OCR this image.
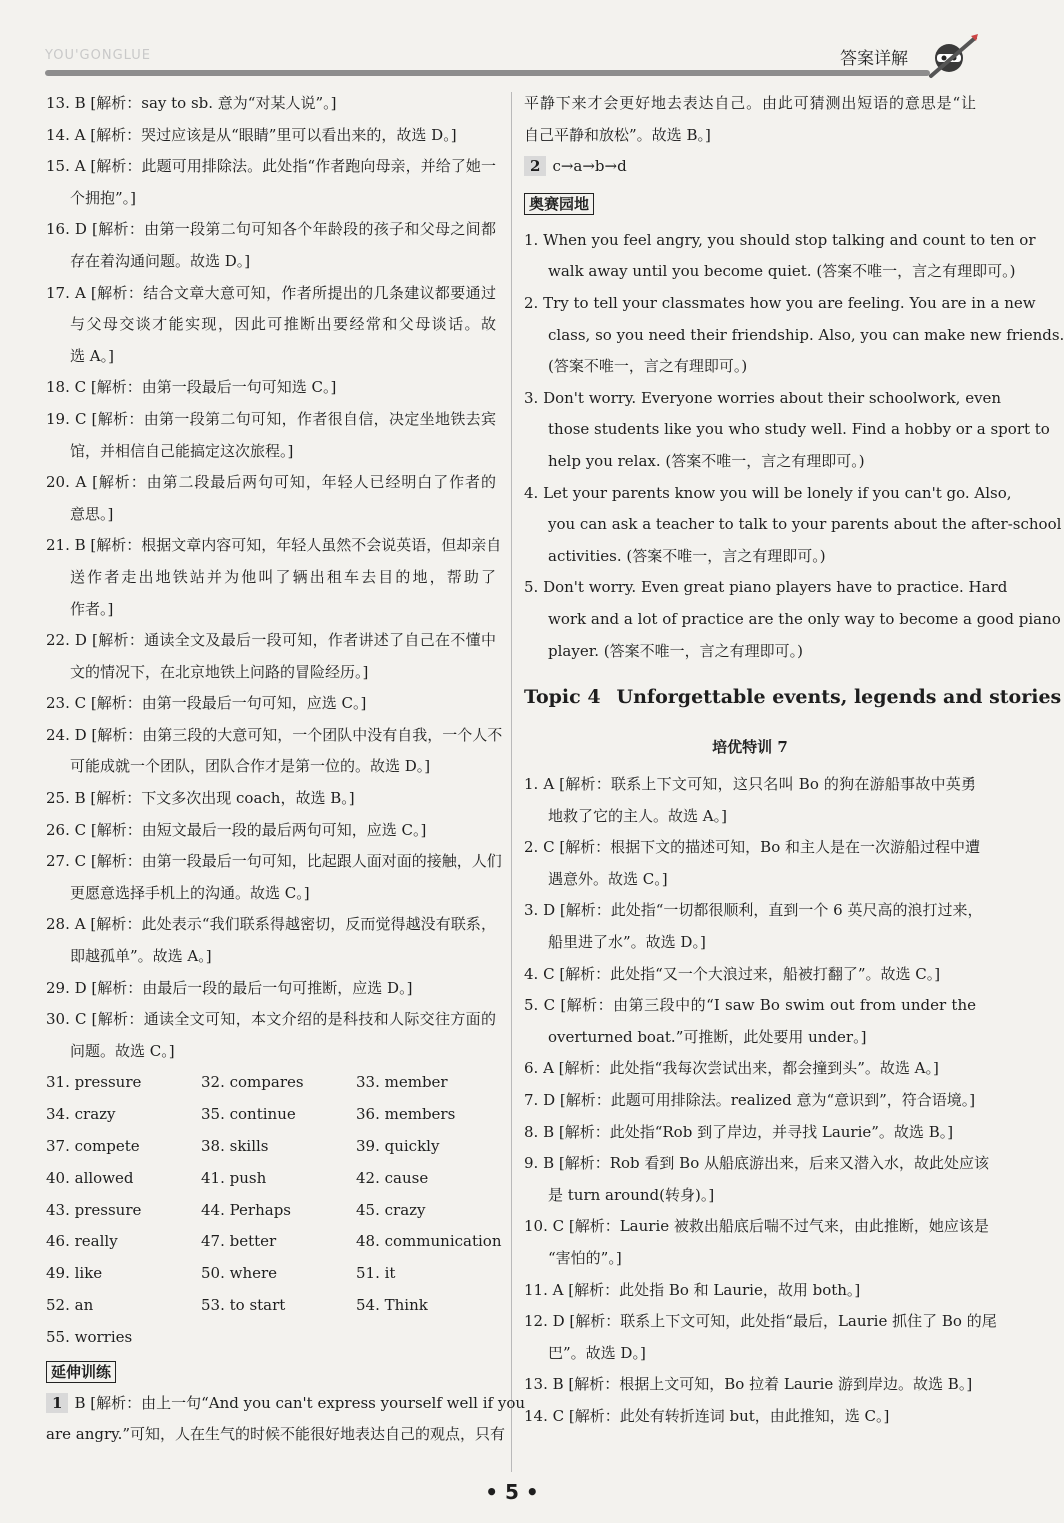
YOU'GONGLUE	答案详解
13. B [解析：say to sb. 意为“对某人说”。]
14. A [解析：哭过应该是从“眼睛”里可以看出来的，故选 D。]
15. A [解析：此题可用排除法。此处指“作者跑向母亲，并给了她一
个拥抱”。]
16. D [解析：由第一段第二句可知各个年龄段的孩子和父母之间都
存在着沟通问题。故选 D。]
17. A [解析：结合文章大意可知，作者所提出的几条建议都要通过
与父母交谈才能实现，因此可推断出要经常和父母谈话。故
选 A。]
18. C [解析：由第一段最后一句可知选 C。]
19. C [解析：由第一段第二句可知，作者很自信，决定坐地铁去宾
馆，并相信自己能搞定这次旅程。]
20. A [解析：由第二段最后两句可知，年轻人已经明白了作者的
意思。]
21. B [解析：根据文章内容可知，年轻人虽然不会说英语，但却亲自
送作者走出地铁站并为他叫了辆出租车去目的地，帮助了
作者。]
22. D [解析：通读全文及最后一段可知，作者讲述了自己在不懂中
文的情况下，在北京地铁上问路的冒险经历。]
23. C [解析：由第一段最后一句可知，应选 C。]
24. D [解析：由第三段的大意可知，一个团队中没有自我，一个人不
可能成就一个团队，团队合作才是第一位的。故选 D。]
25. B [解析：下文多次出现 coach，故选 B。]
26. C [解析：由短文最后一段的最后两句可知，应选 C。]
27. C [解析：由第一段最后一句可知，比起跟人面对面的接触，人们
更愿意选择手机上的沟通。故选 C。]
28. A [解析：此处表示“我们联系得越密切，反而觉得越没有联系，
即越孤单”。故选 A。]
29. D [解析：由最后一段的最后一句可推断，应选 D。]
30. C [解析：通读全文可知，本文介绍的是科技和人际交往方面的
问题。故选 C。]
31. pressure	32. compares	33. member
34. crazy	35. continue	36. members
37. compete	38. skills	39. quickly
40. allowed	41. push	42. cause
43. pressure	44. Perhaps	45. crazy
46. really	47. better	48. communication
49. like	50. where	51. it
52. an	53. to start	54. Think
55. worries
延伸训练
1 B [解析：由上一句“And you can't express yourself well if you
are angry.”可知，人在生气的时候不能很好地表达自己的观点，只有
平静下来才会更好地去表达自己。由此可猜测出短语的意思是“让
自己平静和放松”。故选 B。]
2 c→a→b→d
奥赛园地
1. When you feel angry, you should stop talking and count to ten or
walk away until you become quiet. (答案不唯一，言之有理即可。)
2. Try to tell your classmates how you are feeling. You are in a new
class, so you need their friendship. Also, you can make new friends.
(答案不唯一，言之有理即可。)
3. Don't worry. Everyone worries about their schoolwork, even
those students like you who study well. Find a hobby or a sport to
help you relax. (答案不唯一，言之有理即可。)
4. Let your parents know you will be lonely if you can't go. Also,
you can ask a teacher to talk to your parents about the after-school
activities. (答案不唯一，言之有理即可。)
5. Don't worry. Even great piano players have to practice. Hard
work and a lot of practice are the only way to become a good piano
player. (答案不唯一，言之有理即可。)
Topic 4 Unforgettable events, legends and stories
培优特训 7
1. A [解析：联系上下文可知，这只名叫 Bo 的狗在游船事故中英勇
地救了它的主人。故选 A。]
2. C [解析：根据下文的描述可知，Bo 和主人是在一次游船过程中遭
遇意外。故选 C。]
3. D [解析：此处指“一切都很顺利，直到一个 6 英尺高的浪打过来，
船里进了水”。故选 D。]
4. C [解析：此处指“又一个大浪过来，船被打翻了”。故选 C。]
5. C [解析：由第三段中的“I saw Bo swim out from under the
overturned boat.”可推断，此处要用 under。]
6. A [解析：此处指“我每次尝试出来，都会撞到头”。故选 A。]
7. D [解析：此题可用排除法。realized 意为“意识到”，符合语境。]
8. B [解析：此处指“Rob 到了岸边，并寻找 Laurie”。故选 B。]
9. B [解析：Rob 看到 Bo 从船底游出来，后来又潜入水，故此处应该
是 turn around(转身)。]
10. C [解析：Laurie 被救出船底后喘不过气来，由此推断，她应该是
“害怕的”。]
11. A [解析：此处指 Bo 和 Laurie，故用 both。]
12. D [解析：联系上下文可知，此处指“最后，Laurie 抓住了 Bo 的尾
巴”。故选 D。]
13. B [解析：根据上文可知，Bo 拉着 Laurie 游到岸边。故选 B。]
14. C [解析：此处有转折连词 but，由此推知，选 C。]
• 5 •
